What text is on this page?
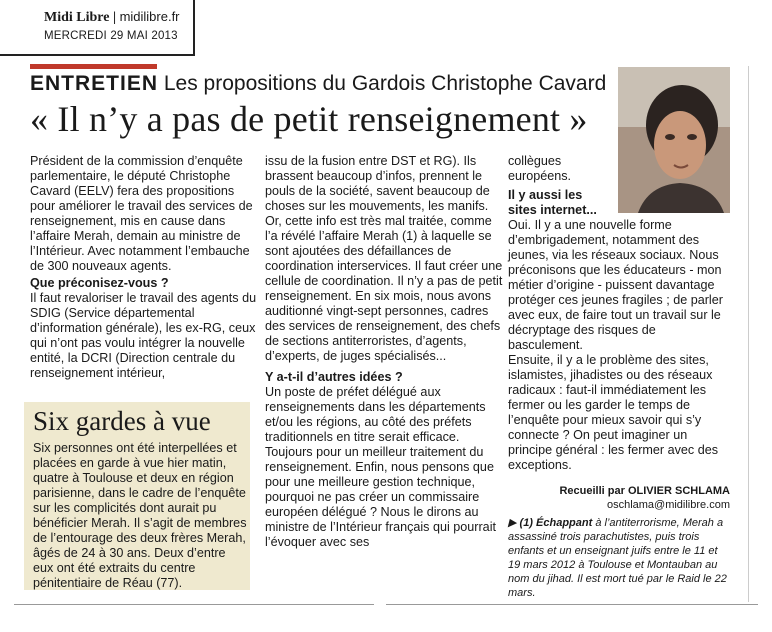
Midi Libre | midilibre.fr
MERCREDI 29 MAI 2013
ENTRETIEN Les propositions du Gardois Christophe Cavard
« Il n’y a pas de petit renseignement »

Président de la commission d’enquête parlementaire, le député Christophe Cavard (EELV) fera des propositions pour améliorer le travail des services de renseignement, mis en cause dans l’affaire Merah, demain au ministre de l’Intérieur. Avec notamment l’embauche de 300 nouveaux agents.

Que préconisez-vous ?

Il faut revaloriser le travail des agents du SDIG (Service départemental d’information générale), les ex-RG, ceux qui n’ont pas voulu intégrer la nouvelle entité, la DCRI (Direction centrale du renseignement intérieur,

Six gardes à vue

Six personnes ont été interpellées et placées en garde à vue hier matin, quatre à Toulouse et deux en région parisienne, dans le cadre de l’enquête sur les complicités dont aurait pu bénéficier Merah. Il s’agit de membres de l’entourage des deux frères Merah, âgés de 24 à 30 ans. Deux d’entre eux ont été extraits du centre pénitentiaire de Réau (77).

issu de la fusion entre DST et RG). Ils brassent beaucoup d’infos, prennent le pouls de la société, savent beaucoup de choses sur les mouvements, les manifs. Or, cette info est très mal traitée, comme l’a révélé l’affaire Merah (1) à laquelle se sont ajoutées des défaillances de coordination interservices. Il faut créer une cellule de coordination. Il n’y a pas de petit renseignement. En six mois, nous avons auditionné vingt-sept personnes, cadres des services de renseignement, des chefs de sections antiterroristes, d’agents, d’experts, de juges spécialisés...

Y a-t-il d’autres idées ?

Un poste de préfet délégué aux renseignements dans les départements et/ou les régions, au côté des préfets traditionnels en titre serait efficace. Toujours pour un meilleur traitement du renseignement. Enfin, nous pensons que pour une meilleure gestion technique, pourquoi ne pas créer un commissaire européen délégué ? Nous le dirons au ministre de l’Intérieur français qui pourrait l’évoquer avec ses

collègues européens.

Il y aussi les sites internet...

Oui. Il y a une nouvelle forme d’embrigadement, notamment des jeunes, via les réseaux sociaux. Nous préconisons que les éducateurs - mon métier d’origine - puissent davantage protéger ces jeunes fragiles ; de parler avec eux, de faire tout un travail sur le décryptage des risques de basculement.

Ensuite, il y a le problème des sites, islamistes, jihadistes ou des réseaux radicaux : faut-il immédiatement les fermer ou les garder le temps de l’enquête pour mieux savoir qui s’y connecte ? On peut imaginer un principe général : les fermer avec des exceptions.

Recueilli par OLIVIER SCHLAMA
oschlama@midilibre.com
▶ (1) Échappant à l’antiterrorisme, Merah a assassiné trois parachutistes, puis trois enfants et un enseignant juifs entre le 11 et 19 mars 2012 à Toulouse et Montauban au nom du jihad. Il est mort tué par le Raid le 22 mars.
